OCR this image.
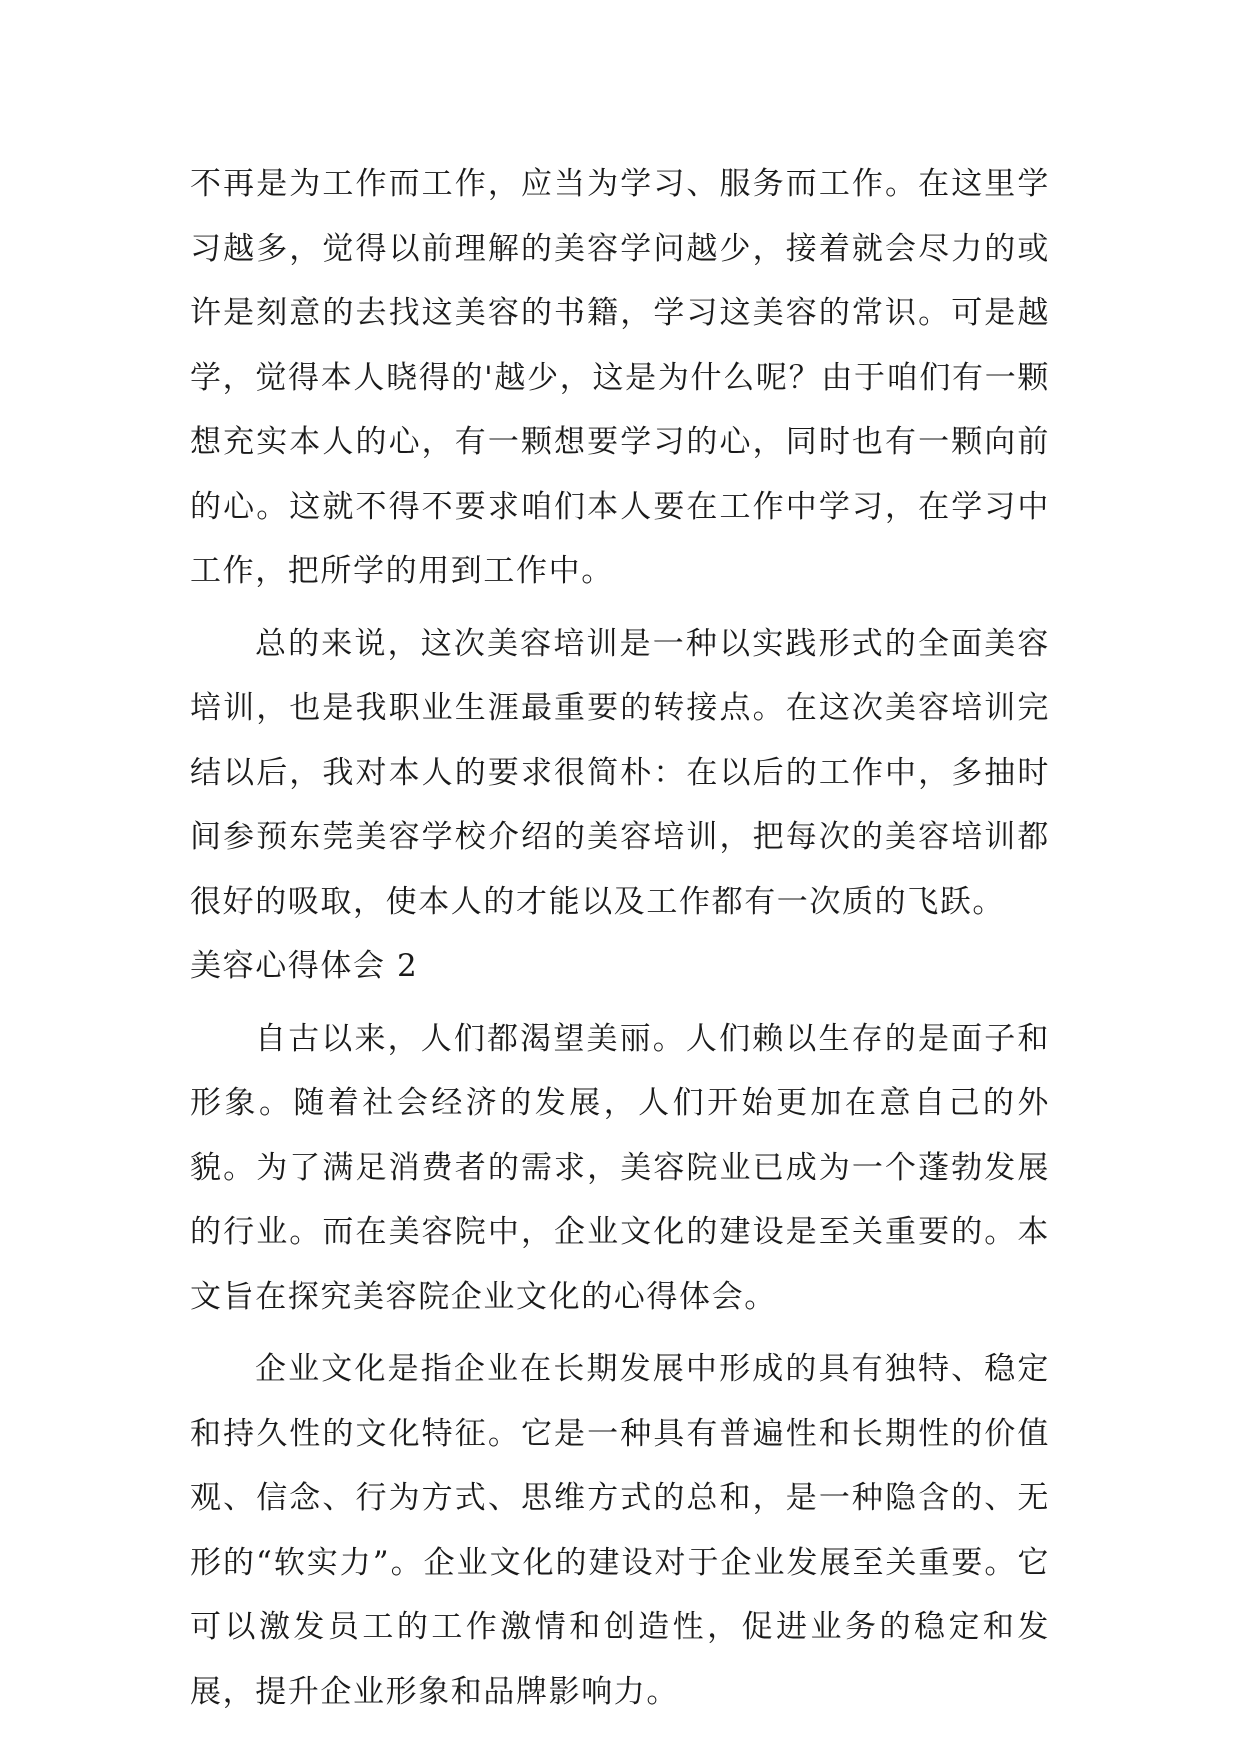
不再是为工作而工作，应当为学习、服务而工作。在这里学习越多，觉得以前理解的美容学问越少，接着就会尽力的或许是刻意的去找这美容的书籍，学习这美容的常识。可是越学，觉得本人晓得的'越少，这是为什么呢？由于咱们有一颗想充实本人的心，有一颗想要学习的心，同时也有一颗向前的心。这就不得不要求咱们本人要在工作中学习，在学习中工作，把所学的用到工作中。

总的来说，这次美容培训是一种以实践形式的全面美容培训，也是我职业生涯最重要的转接点。在这次美容培训完结以后，我对本人的要求很简朴：在以后的工作中，多抽时间参预东莞美容学校介绍的美容培训，把每次的美容培训都很好的吸取，使本人的才能以及工作都有一次质的飞跃。

美容心得体会 2

自古以来，人们都渴望美丽。人们赖以生存的是面子和形象。随着社会经济的发展，人们开始更加在意自己的外貌。为了满足消费者的需求，美容院业已成为一个蓬勃发展的行业。而在美容院中，企业文化的建设是至关重要的。本文旨在探究美容院企业文化的心得体会。

企业文化是指企业在长期发展中形成的具有独特、稳定和持久性的文化特征。它是一种具有普遍性和长期性的价值观、信念、行为方式、思维方式的总和，是一种隐含的、无形的“软实力”。企业文化的建设对于企业发展至关重要。它可以激发员工的工作激情和创造性，促进业务的稳定和发展，提升企业形象和品牌影响力。
